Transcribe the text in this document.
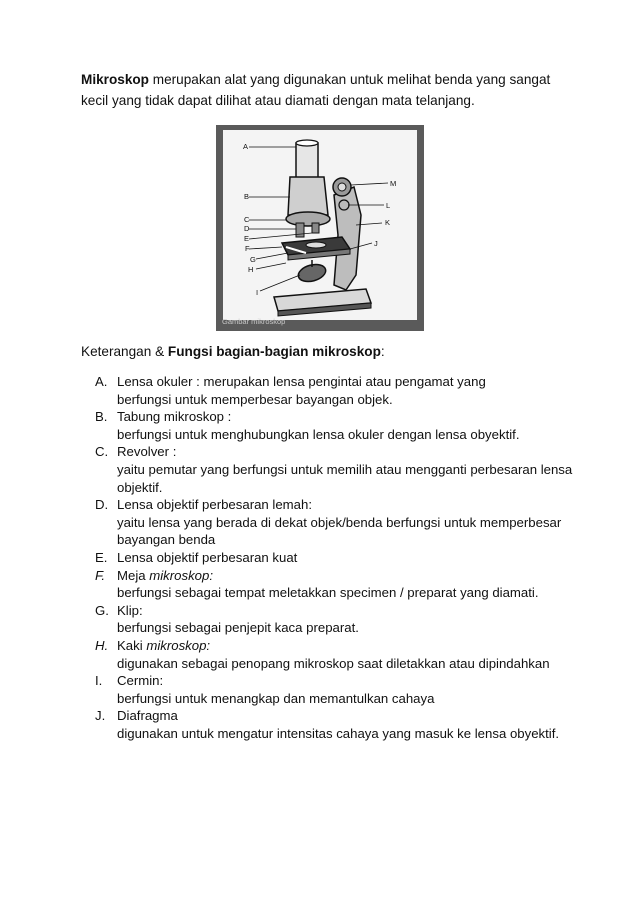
Mikroskop merupakan alat yang digunakan untuk melihat benda yang sangat kecil yang tidak dapat dilihat atau diamati dengan mata telanjang.

A
B
C
D
E
F
G
H
I
J
K
L
M
Gambar mikroskop
Keterangan & Fungsi bagian-bagian mikroskop:
A. Lensa okuler : merupakan lensa pengintai atau pengamat yang
berfungsi untuk memperbesar bayangan objek.
B. Tabung mikroskop :
berfungsi untuk menghubungkan lensa okuler dengan lensa obyektif.
C. Revolver :
yaitu pemutar yang berfungsi untuk memilih atau mengganti perbesaran lensa objektif.
D. Lensa objektif perbesaran lemah:
yaitu lensa yang berada di dekat objek/benda berfungsi untuk memperbesar bayangan benda
E. Lensa objektif perbesaran kuat
F. Meja mikroskop:
berfungsi sebagai tempat meletakkan specimen / preparat yang diamati.
G. Klip:
berfungsi sebagai penjepit kaca preparat.
H. Kaki mikroskop:
digunakan sebagai penopang mikroskop saat diletakkan atau dipindahkan
I. Cermin:
berfungsi untuk menangkap dan memantulkan cahaya
J. Diafragma
digunakan untuk mengatur intensitas cahaya yang masuk ke lensa obyektif.
